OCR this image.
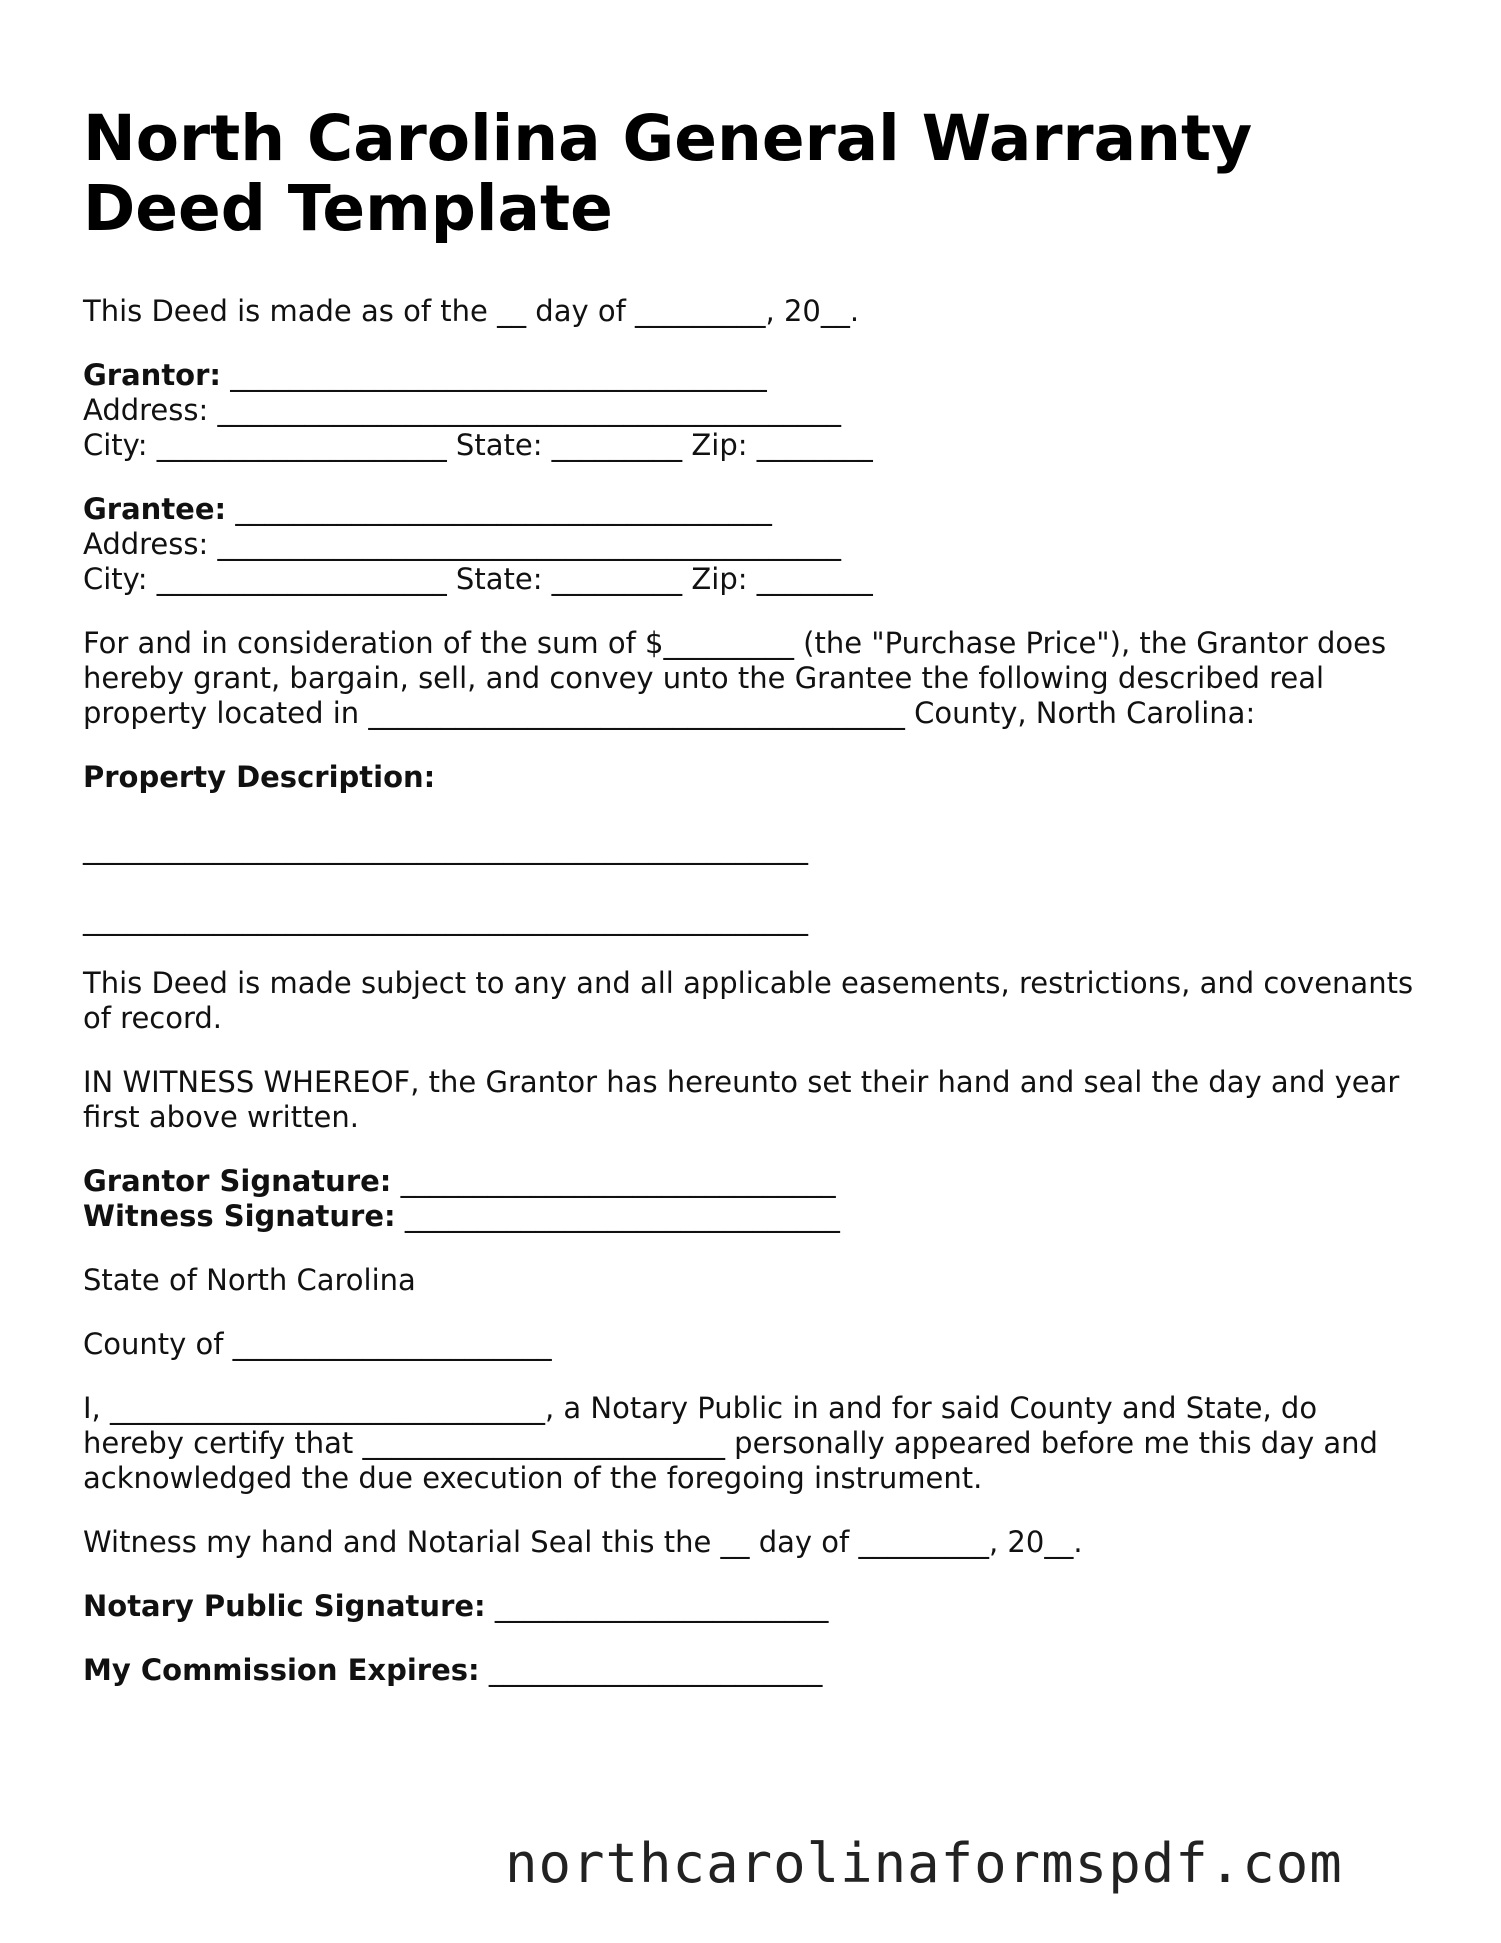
North Carolina General Warranty Deed Template

This Deed is made as of the __ day of _________, 20__.

Grantor: _____________________________________

Address: ___________________________________________

City: ____________________ State: _________ Zip: ________

Grantee: _____________________________________

Address: ___________________________________________

City: ____________________ State: _________ Zip: ________

For and in consideration of the sum of $_________ (the "Purchase Price"), the Grantor does hereby grant, bargain, sell, and convey unto the Grantee the following described real property located in _____________________________________ County, North Carolina:

Property Description:

__________________________________________________

__________________________________________________

This Deed is made subject to any and all applicable easements, restrictions, and covenants of record.

IN WITNESS WHEREOF, the Grantor has hereunto set their hand and seal the day and year first above written.

Grantor Signature: ______________________________

Witness Signature: ______________________________

State of North Carolina

County of ______________________

I, ______________________________, a Notary Public in and for said County and State, do hereby certify that _________________________ personally appeared before me this day and acknowledged the due execution of the foregoing instrument.

Witness my hand and Notarial Seal this the __ day of _________, 20__.

Notary Public Signature: _______________________

My Commission Expires: _______________________

northcarolinaformspdf.com
